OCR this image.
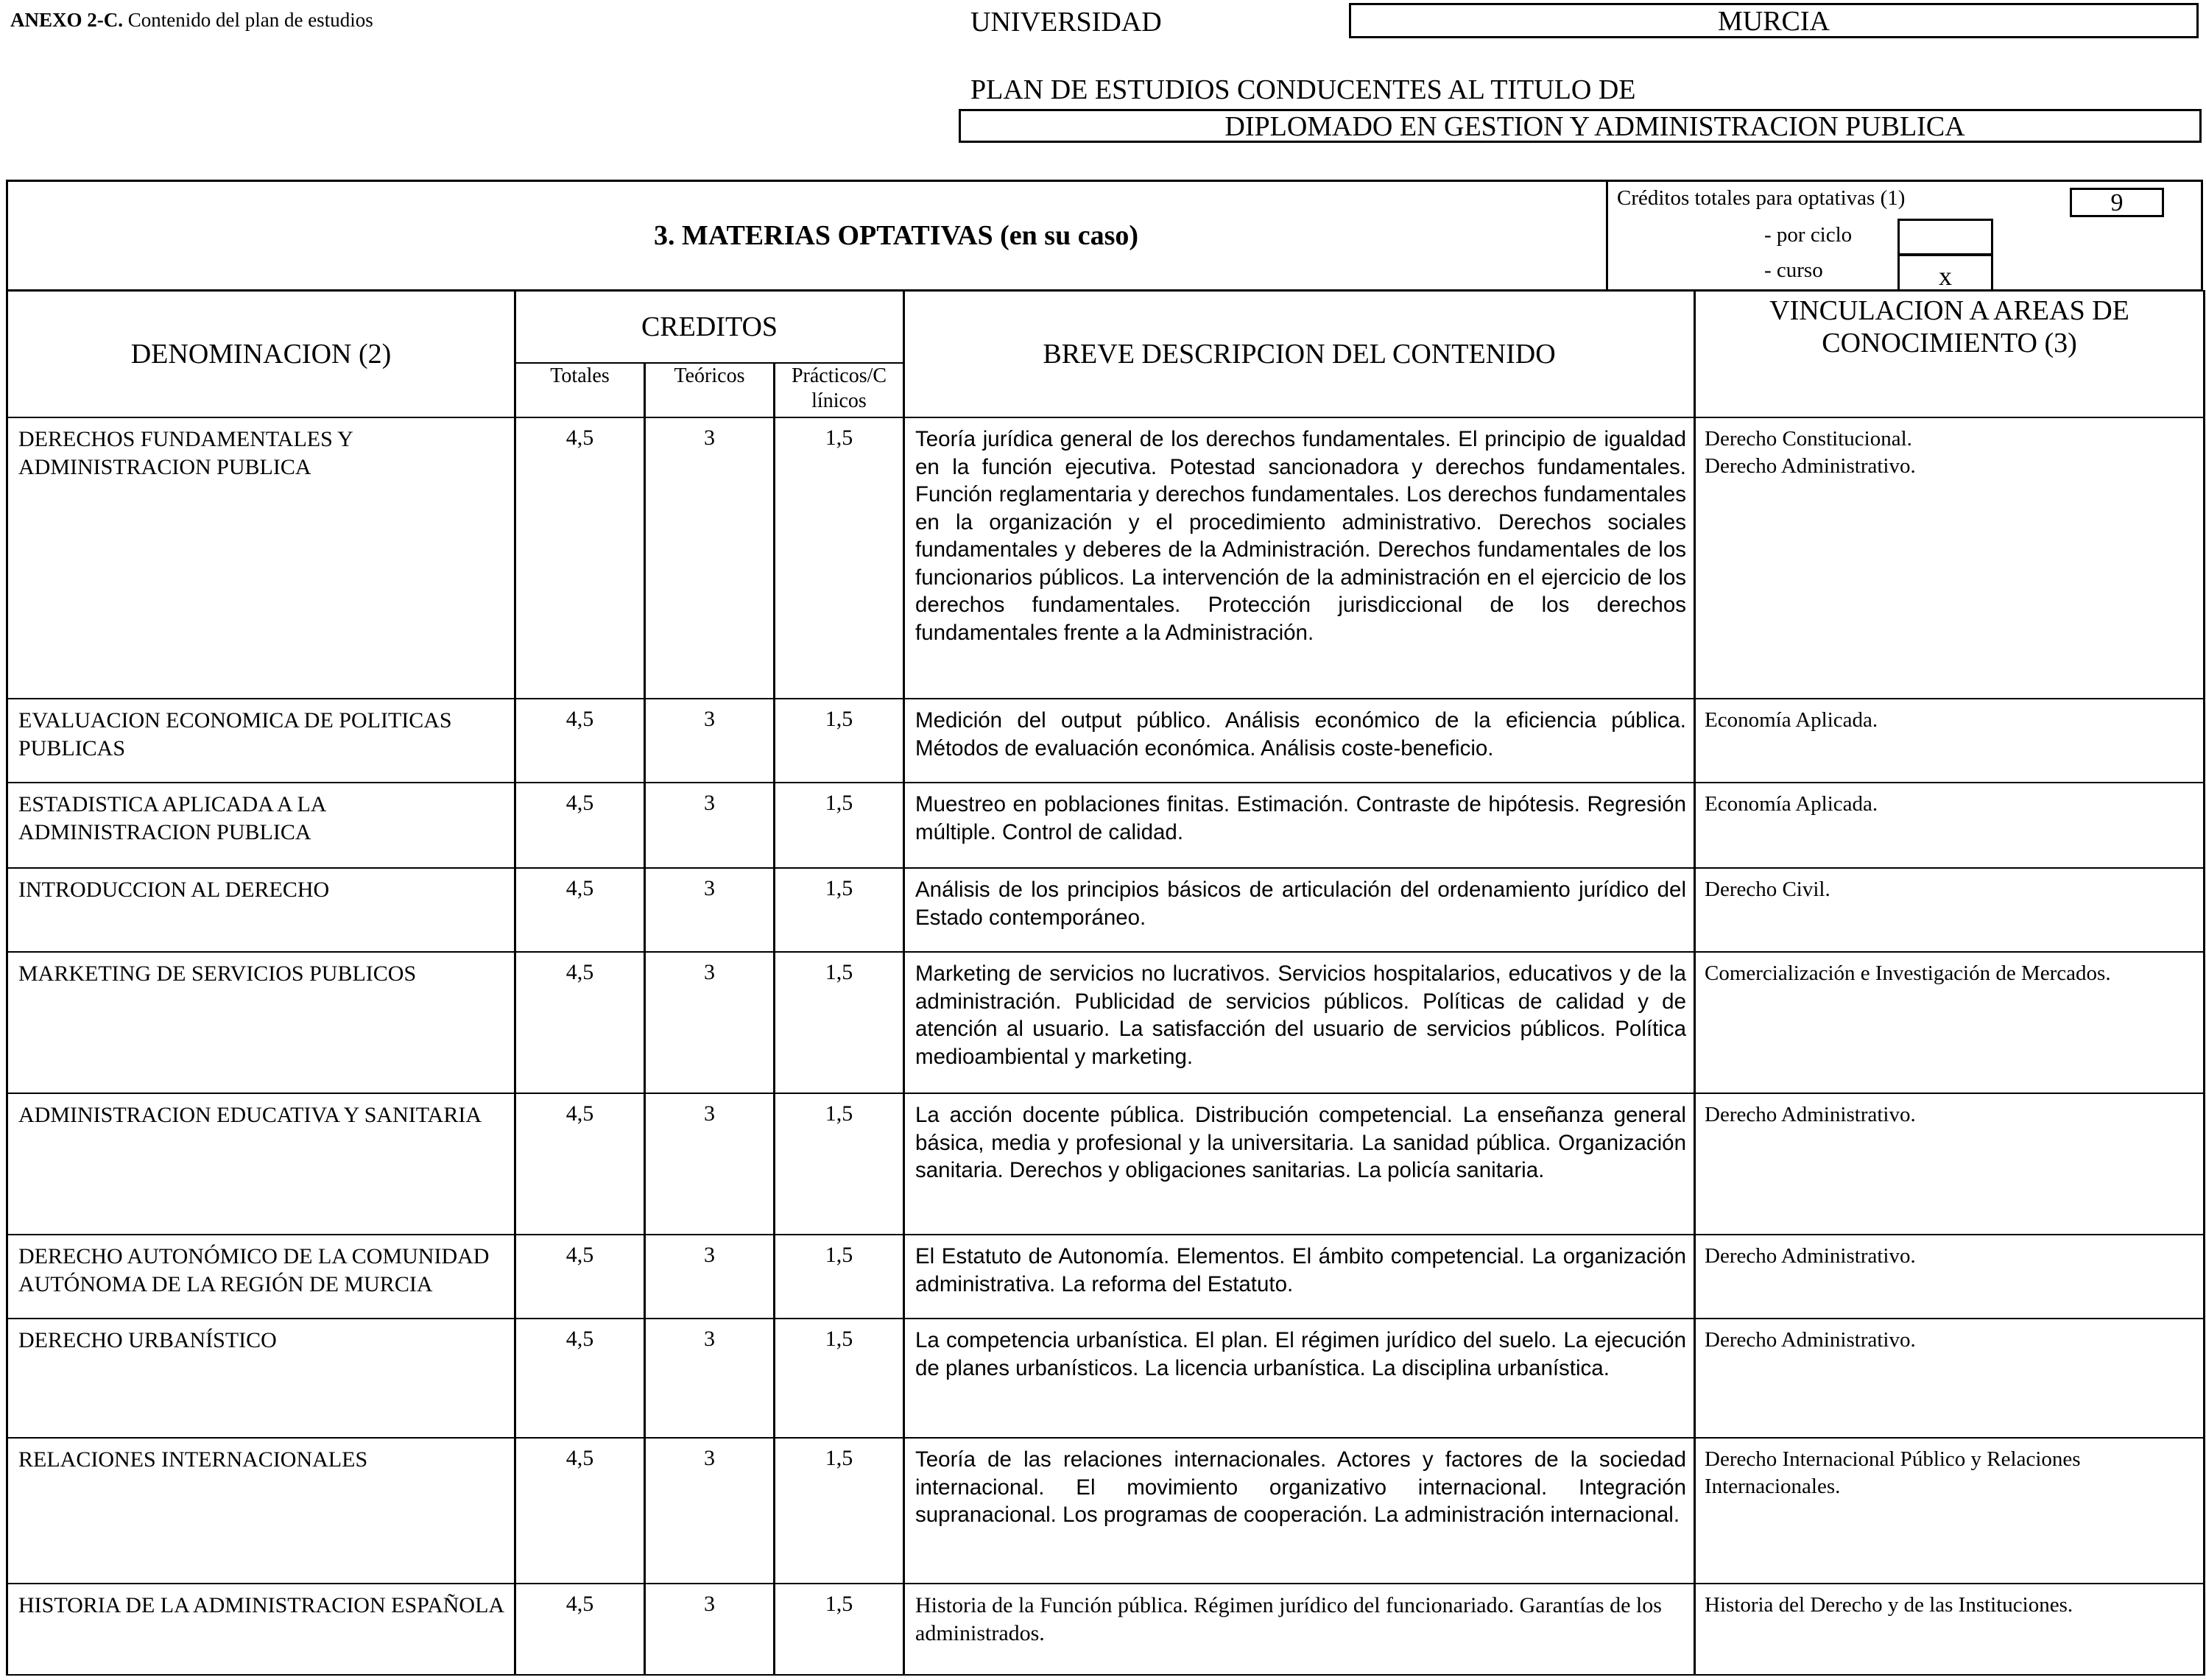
ANEXO 2-C. Contenido del plan de estudios	UNIVERSIDAD	MURCIA
PLAN DE ESTUDIOS CONDUCENTES AL TITULO DE
DIPLOMADO EN GESTION Y ADMINISTRACION PUBLICA
3. MATERIAS OPTATIVAS (en su caso)
Créditos totales para optativas (1)	9
- por ciclo
- curso	x
DENOMINACION (2)	CREDITOS			BREVE DESCRIPCION DEL CONTENIDO	VINCULACION A AREAS DE CONOCIMIENTO (3)
	Totales	Teóricos	Prácticos/C línicos		
DERECHOS FUNDAMENTALES Y ADMINISTRACION PUBLICA	4,5	3	1,5	Teoría jurídica general de los derechos fundamentales. El principio de igualdad en la función ejecutiva. Potestad sancionadora y derechos fundamentales. Función reglamentaria y derechos fundamentales. Los derechos fundamentales en la organización y el procedimiento administrativo. Derechos sociales fundamentales y deberes de la Administración. Derechos fundamentales de los funcionarios públicos. La intervención de la administración en el ejercicio de los derechos fundamentales. Protección jurisdiccional de los derechos fundamentales frente a la Administración.	Derecho Constitucional.
Derecho Administrativo.
EVALUACION ECONOMICA DE POLITICAS PUBLICAS	4,5	3	1,5	Medición del output público. Análisis económico de la eficiencia pública. Métodos de evaluación económica. Análisis coste-beneficio.	Economía Aplicada.
ESTADISTICA APLICADA A LA ADMINISTRACION PUBLICA	4,5	3	1,5	Muestreo en poblaciones finitas. Estimación. Contraste de hipótesis. Regresión múltiple. Control de calidad.	Economía Aplicada.
INTRODUCCION AL DERECHO	4,5	3	1,5	Análisis de los principios básicos de articulación del ordenamiento jurídico del Estado contemporáneo.	Derecho Civil.
MARKETING DE SERVICIOS PUBLICOS	4,5	3	1,5	Marketing de servicios no lucrativos. Servicios hospitalarios, educativos y de la administración. Publicidad de servicios públicos. Políticas de calidad y de atención al usuario. La satisfacción del usuario de servicios públicos. Política medioambiental y marketing.	Comercialización e Investigación de Mercados.
ADMINISTRACION EDUCATIVA Y SANITARIA	4,5	3	1,5	La acción docente pública. Distribución competencial. La enseñanza general básica, media y profesional y la universitaria. La sanidad pública. Organización sanitaria. Derechos y obligaciones sanitarias. La policía sanitaria.	Derecho Administrativo.
DERECHO AUTONÓMICO DE LA COMUNIDAD AUTÓNOMA DE LA REGIÓN DE MURCIA	4,5	3	1,5	El Estatuto de Autonomía. Elementos. El ámbito competencial. La organización administrativa. La reforma del Estatuto.	Derecho Administrativo.
DERECHO URBANÍSTICO	4,5	3	1,5	La competencia urbanística. El plan. El régimen jurídico del suelo. La ejecución de planes urbanísticos. La licencia urbanística. La disciplina urbanística.	Derecho Administrativo.
RELACIONES INTERNACIONALES	4,5	3	1,5	Teoría de las relaciones internacionales. Actores y factores de la sociedad internacional. El movimiento organizativo internacional. Integración supranacional. Los programas de cooperación. La administración internacional.	Derecho Internacional Público y Relaciones Internacionales.
HISTORIA DE LA ADMINISTRACION ESPAÑOLA	4,5	3	1,5	Historia de la Función pública. Régimen jurídico del funcionariado. Garantías de los administrados.	Historia del Derecho y de las Instituciones.
